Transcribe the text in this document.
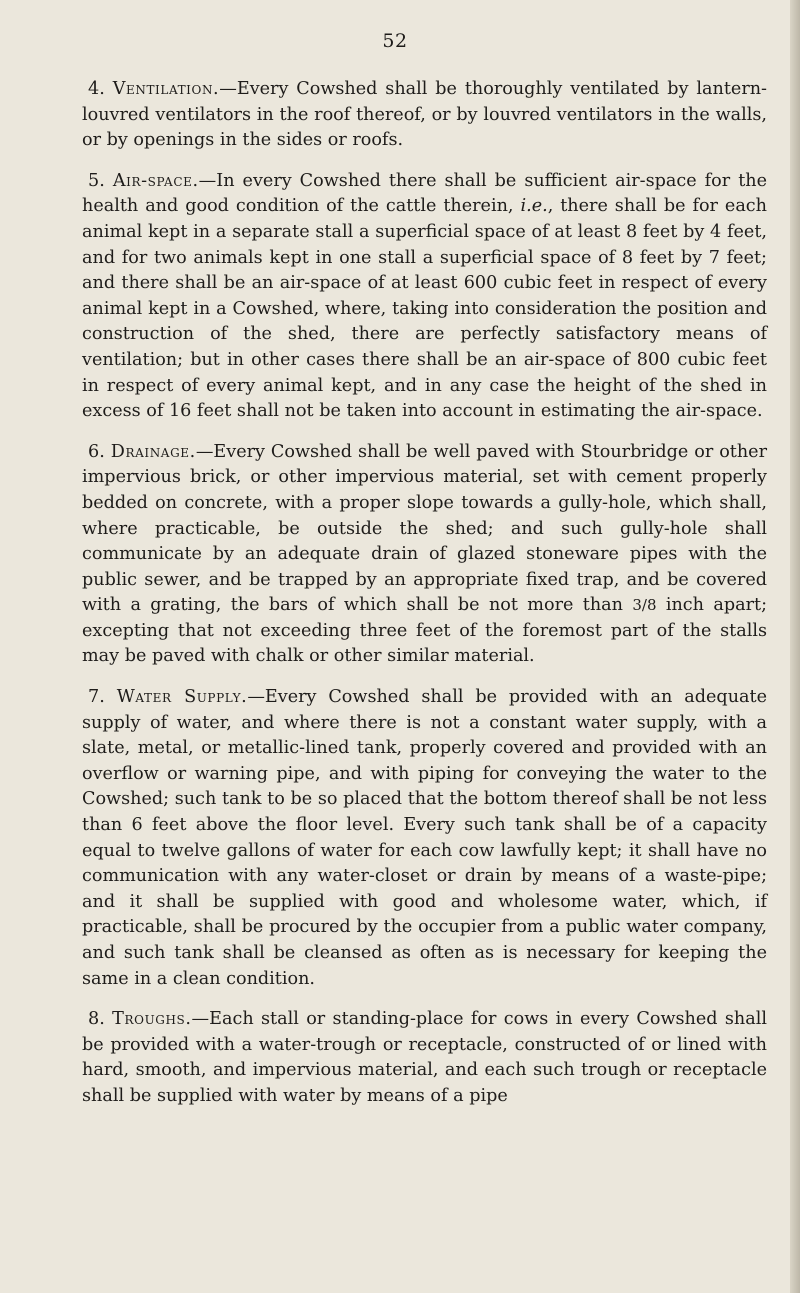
52

4. Ventilation.—Every Cowshed shall be thoroughly ventilated by lantern-louvred ventilators in the roof thereof, or by louvred ventilators in the walls, or by openings in the sides or roofs.

5. Air-space.—In every Cowshed there shall be sufficient air-space for the health and good condition of the cattle therein, i.e., there shall be for each animal kept in a separate stall a superficial space of at least 8 feet by 4 feet, and for two animals kept in one stall a superficial space of 8 feet by 7 feet; and there shall be an air-space of at least 600 cubic feet in respect of every animal kept in a Cowshed, where, taking into consideration the position and construction of the shed, there are perfectly satisfactory means of ventilation; but in other cases there shall be an air-space of 800 cubic feet in respect of every animal kept, and in any case the height of the shed in excess of 16 feet shall not be taken into account in estimating the air-space.

6. Drainage.—Every Cowshed shall be well paved with Stourbridge or other impervious brick, or other impervious material, set with cement properly bedded on concrete, with a proper slope towards a gully-hole, which shall, where practicable, be outside the shed; and such gully-hole shall communicate by an adequate drain of glazed stoneware pipes with the public sewer, and be trapped by an appropriate fixed trap, and be covered with a grating, the bars of which shall be not more than 3/8 inch apart; excepting that not exceeding three feet of the foremost part of the stalls may be paved with chalk or other similar material.

7. Water Supply.—Every Cowshed shall be provided with an adequate supply of water, and where there is not a constant water supply, with a slate, metal, or metallic-lined tank, properly covered and provided with an overflow or warning pipe, and with piping for conveying the water to the Cowshed; such tank to be so placed that the bottom thereof shall be not less than 6 feet above the floor level. Every such tank shall be of a capacity equal to twelve gallons of water for each cow lawfully kept; it shall have no communication with any water-closet or drain by means of a waste-pipe; and it shall be supplied with good and wholesome water, which, if practicable, shall be procured by the occupier from a public water company, and such tank shall be cleansed as often as is necessary for keeping the same in a clean condition.

8. Troughs.—Each stall or standing-place for cows in every Cowshed shall be provided with a water-trough or receptacle, constructed of or lined with hard, smooth, and impervious material, and each such trough or receptacle shall be supplied with water by means of a pipe
